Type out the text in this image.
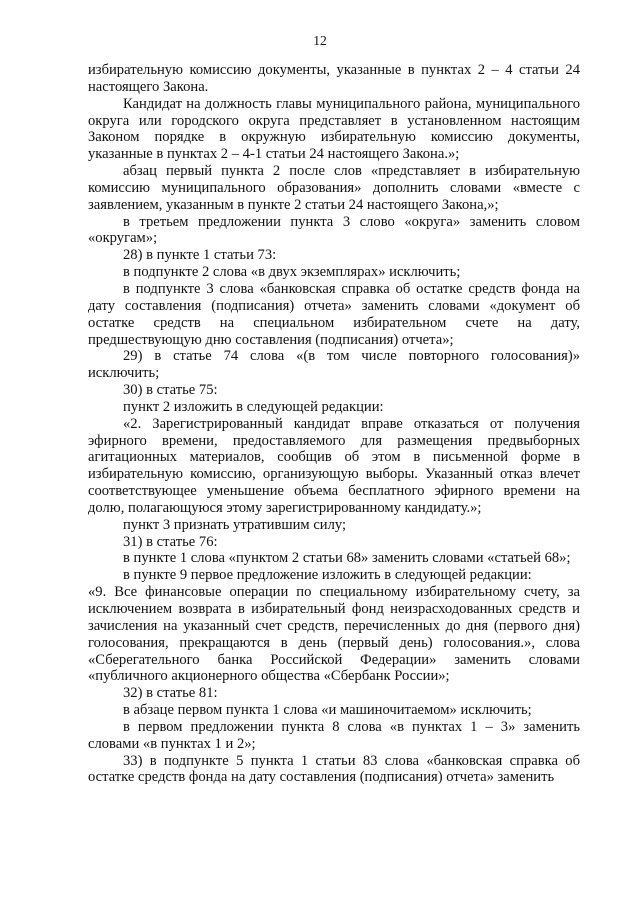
12

избирательную комиссию документы, указанные в пунктах 2 – 4 статьи 24 настоящего Закона.

Кандидат на должность главы муниципального района, муниципального округа или городского округа представляет в установленном настоящим Законом порядке в окружную избирательную комиссию документы, указанные в пунктах 2 – 4-1 статьи 24 настоящего Закона.»;

абзац первый пункта 2 после слов «представляет в избирательную комиссию муниципального образования» дополнить словами «вместе с заявлением, указанным в пункте 2 статьи 24 настоящего Закона,»;

в третьем предложении пункта 3 слово «округа» заменить словом «округам»;

28) в пункте 1 статьи 73:

в подпункте 2 слова «в двух экземплярах» исключить;

в подпункте 3 слова «банковская справка об остатке средств фонда на дату составления (подписания) отчета» заменить словами «документ об остатке средств на специальном избирательном счете на дату, предшествующую дню составления (подписания) отчета»;

29) в статье 74 слова «(в том числе повторного голосования)» исключить;

30) в статье 75:

пункт 2 изложить в следующей редакции:

«2. Зарегистрированный кандидат вправе отказаться от получения эфирного времени, предоставляемого для размещения предвыборных агитационных материалов, сообщив об этом в письменной форме в избирательную комиссию, организующую выборы. Указанный отказ влечет соответствующее уменьшение объема бесплатного эфирного времени на долю, полагающуюся этому зарегистрированному кандидату.»;

пункт 3 признать утратившим силу;

31) в статье 76:

в пункте 1 слова «пунктом 2 статьи 68» заменить словами «статьей 68»;

в пункте 9 первое предложение изложить в следующей редакции:

«9. Все финансовые операции по специальному избирательному счету, за исключением возврата в избирательный фонд неизрасходованных средств и зачисления на указанный счет средств, перечисленных до дня (первого дня) голосования, прекращаются в день (первый день) голосования.», слова «Сберегательного банка Российской Федерации» заменить словами «публичного акционерного общества «Сбербанк России»;

32) в статье 81:

в абзаце первом пункта 1 слова «и машиночитаемом» исключить;

в первом предложении пункта 8 слова «в пунктах 1 – 3» заменить словами «в пунктах 1 и 2»;

33) в подпункте 5 пункта 1 статьи 83 слова «банковская справка об остатке средств фонда на дату составления (подписания) отчета» заменить
